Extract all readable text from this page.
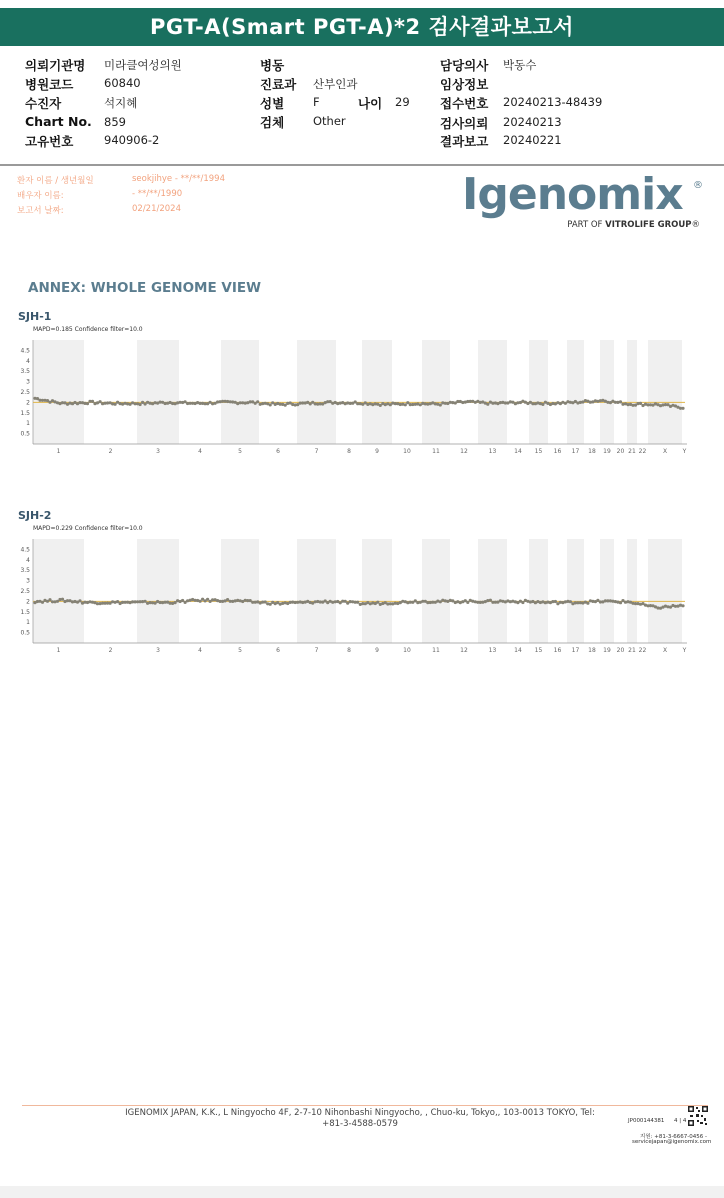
PGT-A(Smart PGT-A)*2 검사결과보고서
의뢰기관명 미라클여성의원
병원코드	60840
수진자	석지혜
Chart No. 859
고유번호	940906-2
병동
진료과 산부인과
성별	F	나이 29
검체	Other
담당의사 박동수
임상정보
접수번호 20240213-48439
검사의뢰 20240213
결과보고 20240221
환자 이름 / 생년월일	seokjihye - **/**/1994
배우자 이름:	- **/**/1990
보고서 날짜:	02/21/2024	Igenomix ®
PART OF VITROLIFE GROUP®
ANNEX: WHOLE GENOME VIEW
SJH-1
MAPD=0.185 Confidence filter=10.0
4.5
4
3.5
3
2.5
2
1.5
1
0.5
1	2	3	4	5	6	7	8	9	10	11	12	13	14 15 16 17 18 19 20 21 22	X	Y
SJH-2
MAPD=0.229 Confidence filter=10.0
4.5
4
3.5
3
2.5
2
1.5
1
0.5
1	2	3	4	5	6	7	8	9	10	11	12	13	14 15 16 17 18 19 20 21 22	X	Y
IGENOMIX JAPAN, K.K., L Ningyocho 4F, 2-7-10 Nihonbashi Ningyocho, , Chuo-ku, Tokyo,, 103-0013 TOKYO, Tel: +81-3-4588-0579	JP000144381 4 | 4
지원: +81-3-6667-0456 -
servicejapan@igenomix.com
